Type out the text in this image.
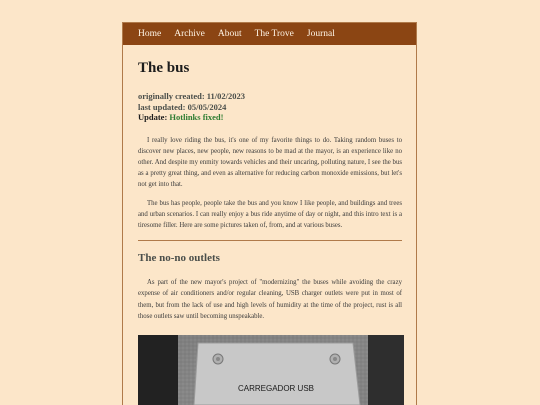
Home Archive About The Trove Journal
The bus
originally created: 11/02/2023
last updated: 05/05/2024
Update: Hotlinks fixed!

I really love riding the bus, it's one of my favorite things to do. Taking random buses to discover new places, new people, new reasons to be mad at the mayor, is an experience like no other. And despite my enmity towards vehicles and their uncaring, polluting nature, I see the bus as a pretty great thing, and even as alternative for reducing carbon monoxide emissions, but let's not get into that.

The bus has people, people take the bus and you know I like people, and buildings and trees and urban scenarios. I can really enjoy a bus ride anytime of day or night, and this intro text is a tiresome filler. Here are some pictures taken of, from, and at various buses.

The no-no outlets

As part of the new mayor's project of "modernizing" the buses while avoiding the crazy expense of air conditioners and/or regular cleaning, USB charger outlets were put in most of them, but from the lack of use and high levels of humidity at the time of the project, rust is all those outlets saw until becoming unspeakable.

CARREGADOR USB
